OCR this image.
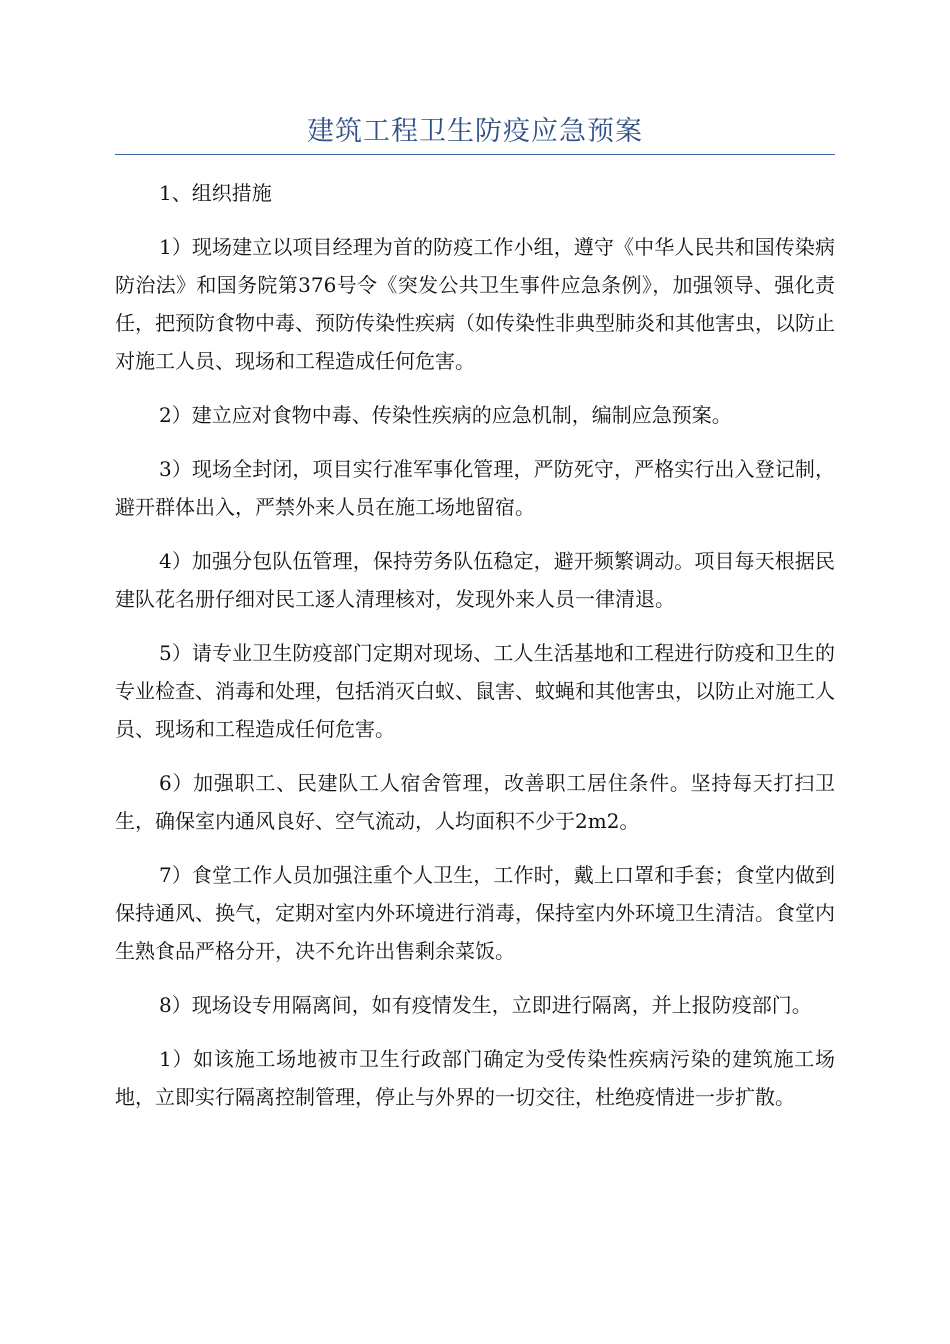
建筑工程卫生防疫应急预案

1、组织措施

1）现场建立以项目经理为首的防疫工作小组，遵守《中华人民共和国传染病防治法》和国务院第376号令《突发公共卫生事件应急条例》，加强领导、强化责任，把预防食物中毒、预防传染性疾病（如传染性非典型肺炎和其他害虫，以防止对施工人员、现场和工程造成任何危害。

2）建立应对食物中毒、传染性疾病的应急机制，编制应急预案。

3）现场全封闭，项目实行准军事化管理，严防死守，严格实行出入登记制，避开群体出入，严禁外来人员在施工场地留宿。

4）加强分包队伍管理，保持劳务队伍稳定，避开频繁调动。项目每天根据民建队花名册仔细对民工逐人清理核对，发现外来人员一律清退。

5）请专业卫生防疫部门定期对现场、工人生活基地和工程进行防疫和卫生的专业检查、消毒和处理，包括消灭白蚁、鼠害、蚊蝇和其他害虫，以防止对施工人员、现场和工程造成任何危害。

6）加强职工、民建队工人宿舍管理，改善职工居住条件。坚持每天打扫卫生，确保室内通风良好、空气流动，人均面积不少于2m2。

7）食堂工作人员加强注重个人卫生，工作时，戴上口罩和手套；食堂内做到保持通风、换气，定期对室内外环境进行消毒，保持室内外环境卫生清洁。食堂内生熟食品严格分开，决不允许出售剩余菜饭。

8）现场设专用隔离间，如有疫情发生，立即进行隔离，并上报防疫部门。

1）如该施工场地被市卫生行政部门确定为受传染性疾病污染的建筑施工场地，立即实行隔离控制管理，停止与外界的一切交往，杜绝疫情进一步扩散。
